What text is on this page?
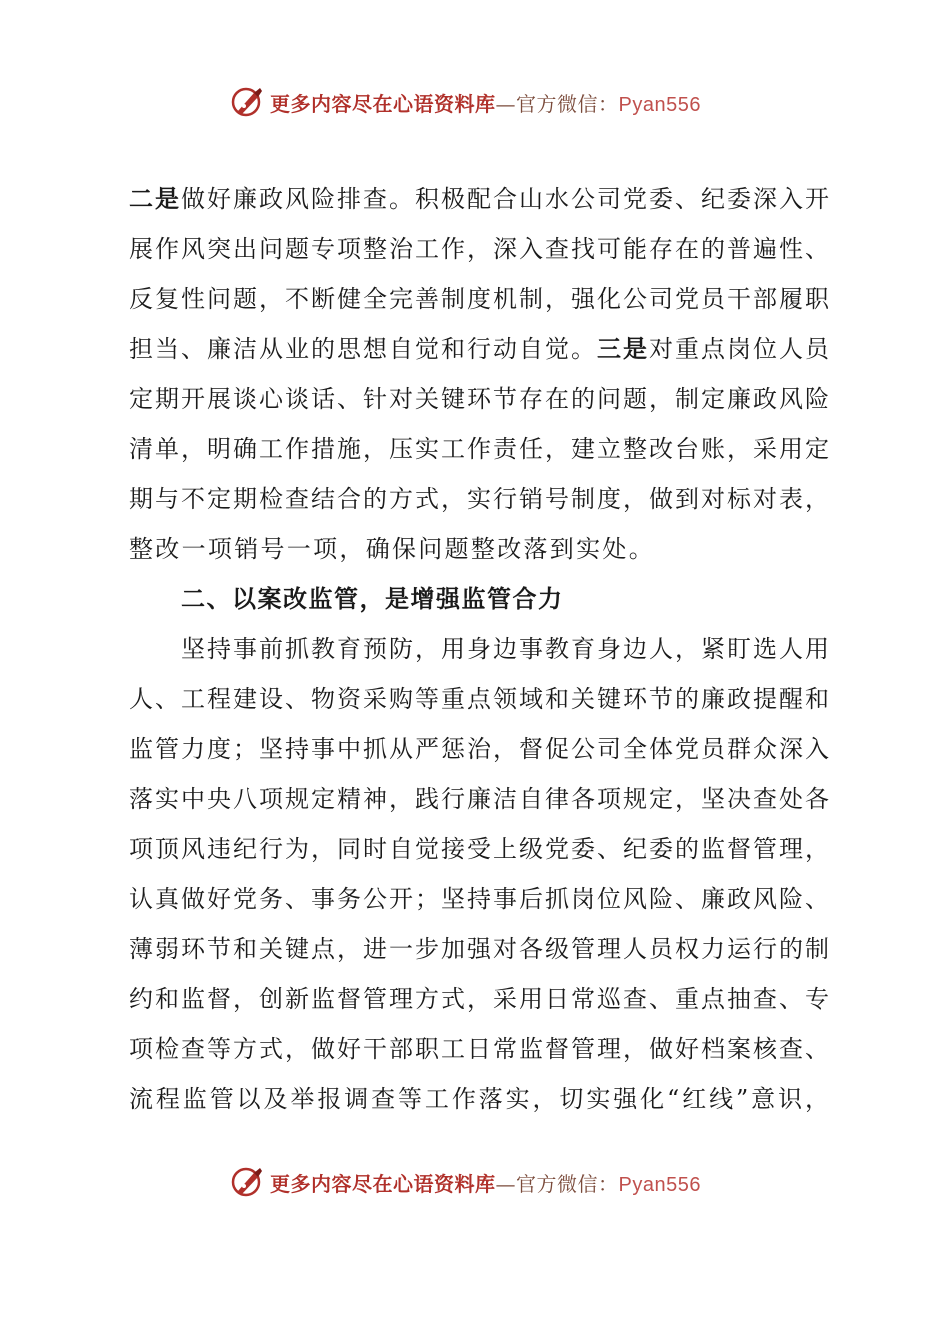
更多内容尽在心语资料库—官方微信：Pyan556
二是做好廉政风险排查。积极配合山水公司党委、纪委深入开
展作风突出问题专项整治工作，深入查找可能存在的普遍性、
反复性问题，不断健全完善制度机制，强化公司党员干部履职
担当、廉洁从业的思想自觉和行动自觉。三是对重点岗位人员
定期开展谈心谈话、针对关键环节存在的问题，制定廉政风险
清单，明确工作措施，压实工作责任，建立整改台账，采用定
期与不定期检查结合的方式，实行销号制度，做到对标对表，
整改一项销号一项，确保问题整改落到实处。
二、以案改监管，是增强监管合力
坚持事前抓教育预防，用身边事教育身边人，紧盯选人用
人、工程建设、物资采购等重点领域和关键环节的廉政提醒和
监管力度；坚持事中抓从严惩治，督促公司全体党员群众深入
落实中央八项规定精神，践行廉洁自律各项规定，坚决查处各
项顶风违纪行为，同时自觉接受上级党委、纪委的监督管理，
认真做好党务、事务公开；坚持事后抓岗位风险、廉政风险、
薄弱环节和关键点，进一步加强对各级管理人员权力运行的制
约和监督，创新监督管理方式，采用日常巡查、重点抽查、专
项检查等方式，做好干部职工日常监督管理，做好档案核查、
流程监管以及举报调查等工作落实，切实强化“红线”意识，
更多内容尽在心语资料库—官方微信：Pyan556
